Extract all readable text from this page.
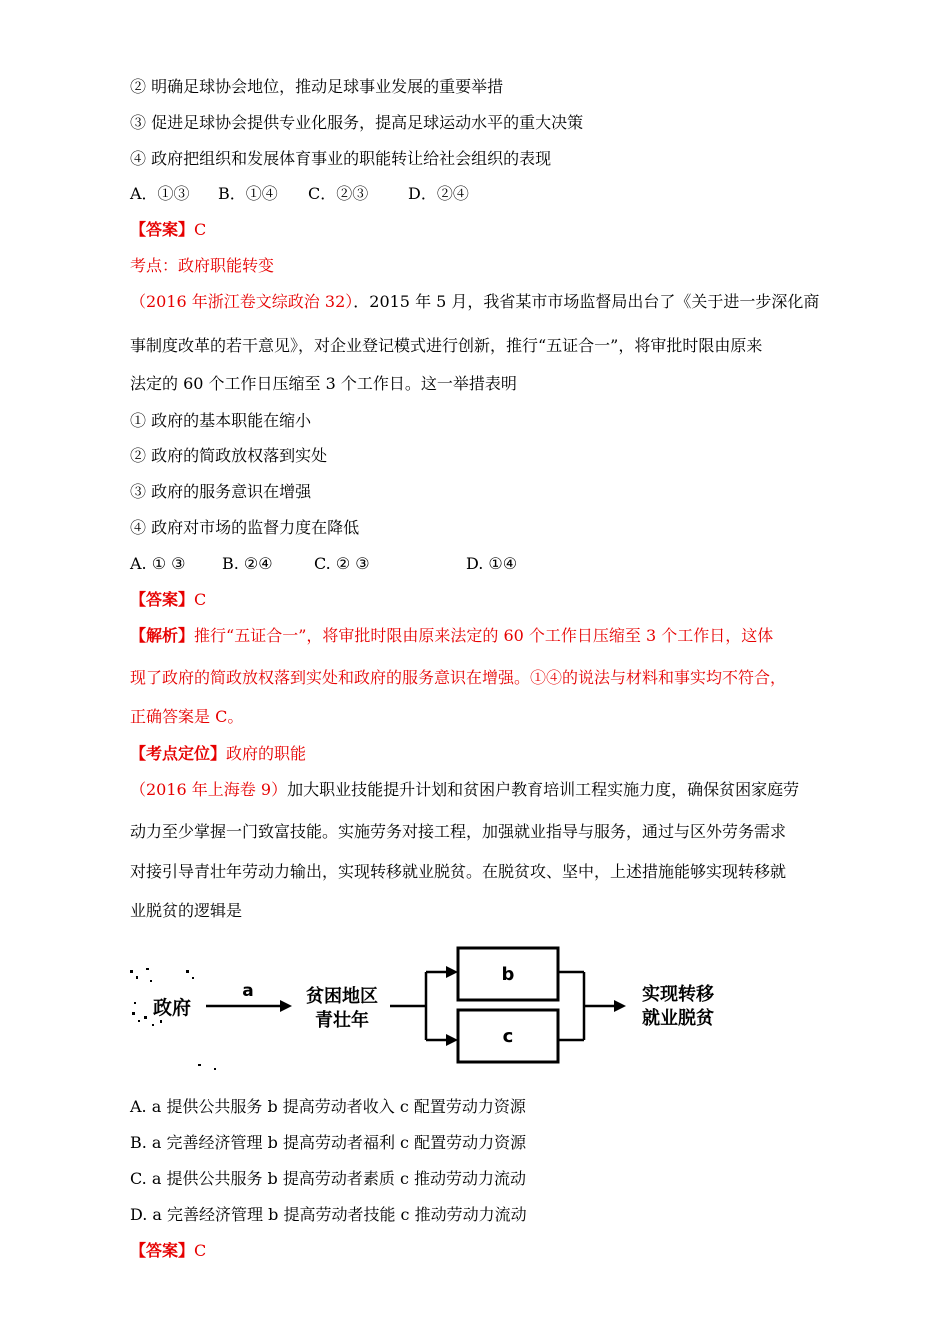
② 明确足球协会地位，推动足球事业发展的重要举措
③ 促进足球协会提供专业化服务，提高足球运动水平的重大决策
④ 政府把组织和发展体育事业的职能转让给社会组织的表现
A．①③ B．①④ C．②③ D．②④
【答案】C
考点：政府职能转变
（2016 年浙江卷文综政治 32）．2015 年 5 月，我省某市市场监督局出台了《关于进一步深化商
事制度改革的若干意见》，对企业登记模式进行创新，推行“五证合一”，将审批时限由原来
法定的 60 个工作日压缩至 3 个工作日。这一举措表明
① 政府的基本职能在缩小
② 政府的简政放权落到实处
③ 政府的服务意识在增强
④ 政府对市场的监督力度在降低
A. ① ③ B. ②④	C. ② ③	D. ①④
【答案】C
【解析】推行“五证合一”，将审批时限由原来法定的 60 个工作日压缩至 3 个工作日，这体
现了政府的简政放权落到实处和政府的服务意识在增强。①④的说法与材料和事实均不符合，
正确答案是 C。
【考点定位】政府的职能
（2016 年上海卷 9）加大职业技能提升计划和贫困户教育培训工程实施力度，确保贫困家庭劳
动力至少掌握一门致富技能。实施劳务对接工程，加强就业指导与服务，通过与区外劳务需求
对接引导青壮年劳动力输出，实现转移就业脱贫。在脱贫攻、坚中，上述措施能够实现转移就
业脱贫的逻辑是
政府
a	贫困地区
青壮年
b
c
实现转移
就业脱贫
A. a 提供公共服务 b 提高劳动者收入 c 配置劳动力资源
B. a 完善经济管理 b 提高劳动者福利 c 配置劳动力资源
C. a 提供公共服务 b 提高劳动者素质 c 推动劳动力流动
D. a 完善经济管理 b 提高劳动者技能 c 推动劳动力流动
【答案】C
